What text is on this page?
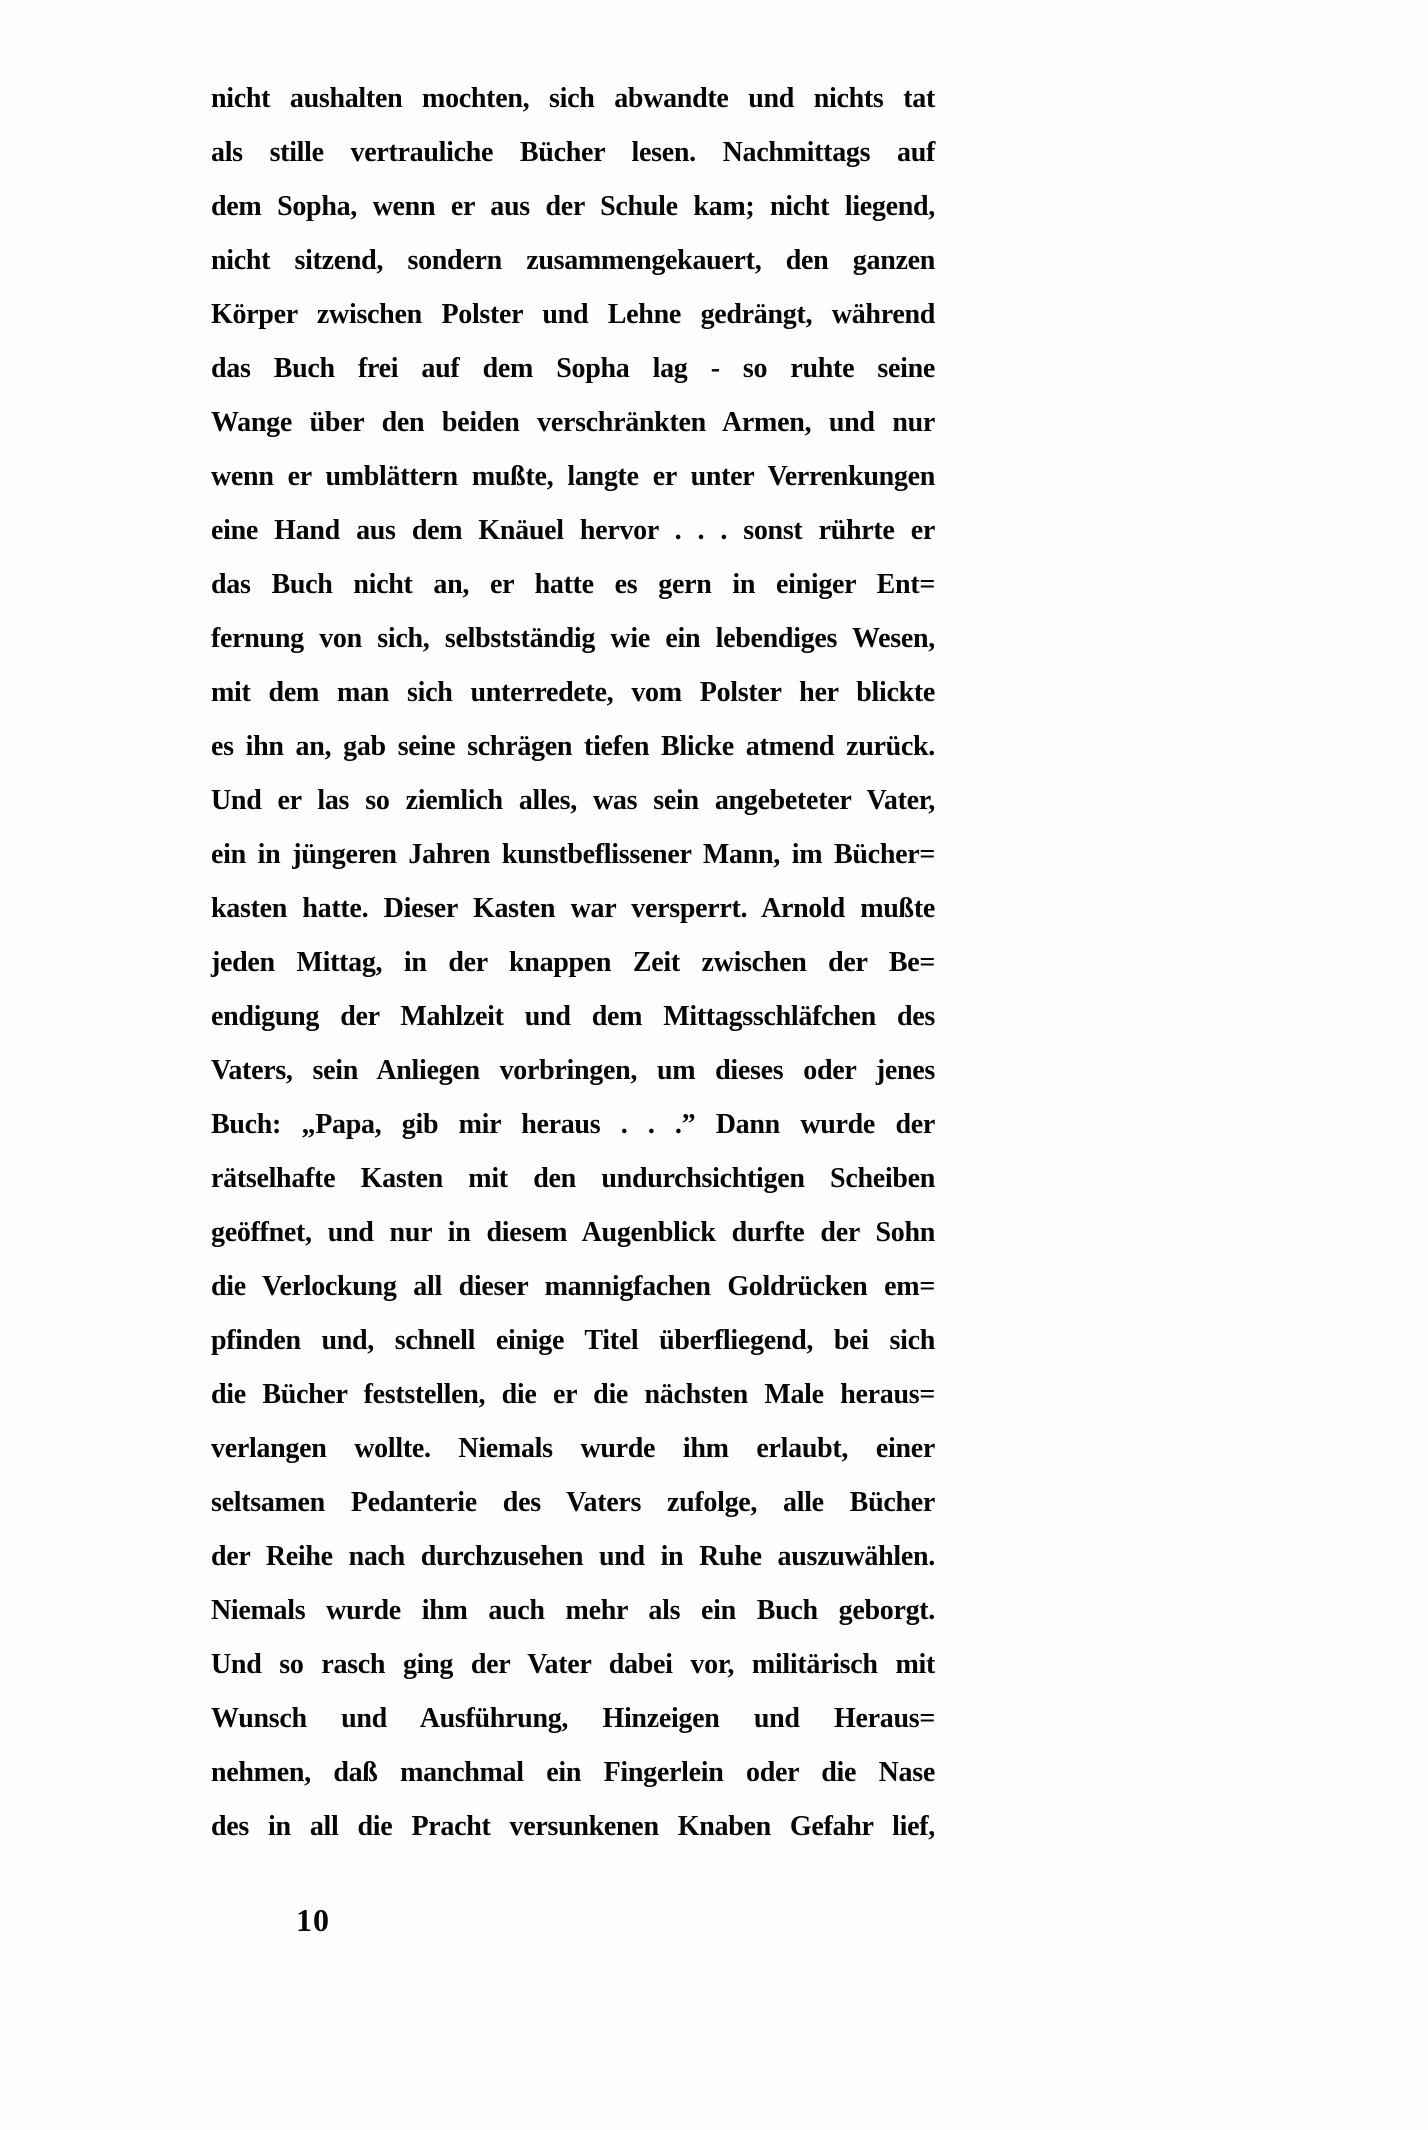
nicht aushalten mochten, sich abwandte und nichts tat
als stille vertrauliche Bücher lesen. Nachmittags auf
dem Sopha, wenn er aus der Schule kam; nicht liegend,
nicht sitzend, sondern zusammengekauert, den ganzen
Körper zwischen Polster und Lehne gedrängt, während
das Buch frei auf dem Sopha lag - so ruhte seine
Wange über den beiden verschränkten Armen, und nur
wenn er umblättern mußte, langte er unter Verrenkungen
eine Hand aus dem Knäuel hervor . . . sonst rührte er
das Buch nicht an, er hatte es gern in einiger Ent=
fernung von sich, selbstständig wie ein lebendiges Wesen,
mit dem man sich unterredete, vom Polster her blickte
es ihn an, gab seine schrägen tiefen Blicke atmend zurück.
Und er las so ziemlich alles, was sein angebeteter Vater,
ein in jüngeren Jahren kunstbeflissener Mann, im Bücher=
kasten hatte. Dieser Kasten war versperrt. Arnold mußte
jeden Mittag, in der knappen Zeit zwischen der Be=
endigung der Mahlzeit und dem Mittagsschläfchen des
Vaters, sein Anliegen vorbringen, um dieses oder jenes
Buch: „Papa, gib mir heraus . . .” Dann wurde der
rätselhafte Kasten mit den undurchsichtigen Scheiben
geöffnet, und nur in diesem Augenblick durfte der Sohn
die Verlockung all dieser mannigfachen Goldrücken em=
pfinden und, schnell einige Titel überfliegend, bei sich
die Bücher feststellen, die er die nächsten Male heraus=
verlangen wollte. Niemals wurde ihm erlaubt, einer
seltsamen Pedanterie des Vaters zufolge, alle Bücher
der Reihe nach durchzusehen und in Ruhe auszuwählen.
Niemals wurde ihm auch mehr als ein Buch geborgt.
Und so rasch ging der Vater dabei vor, militärisch mit
Wunsch und Ausführung, Hinzeigen und Heraus=
nehmen, daß manchmal ein Fingerlein oder die Nase
des in all die Pracht versunkenen Knaben Gefahr lief,
10
